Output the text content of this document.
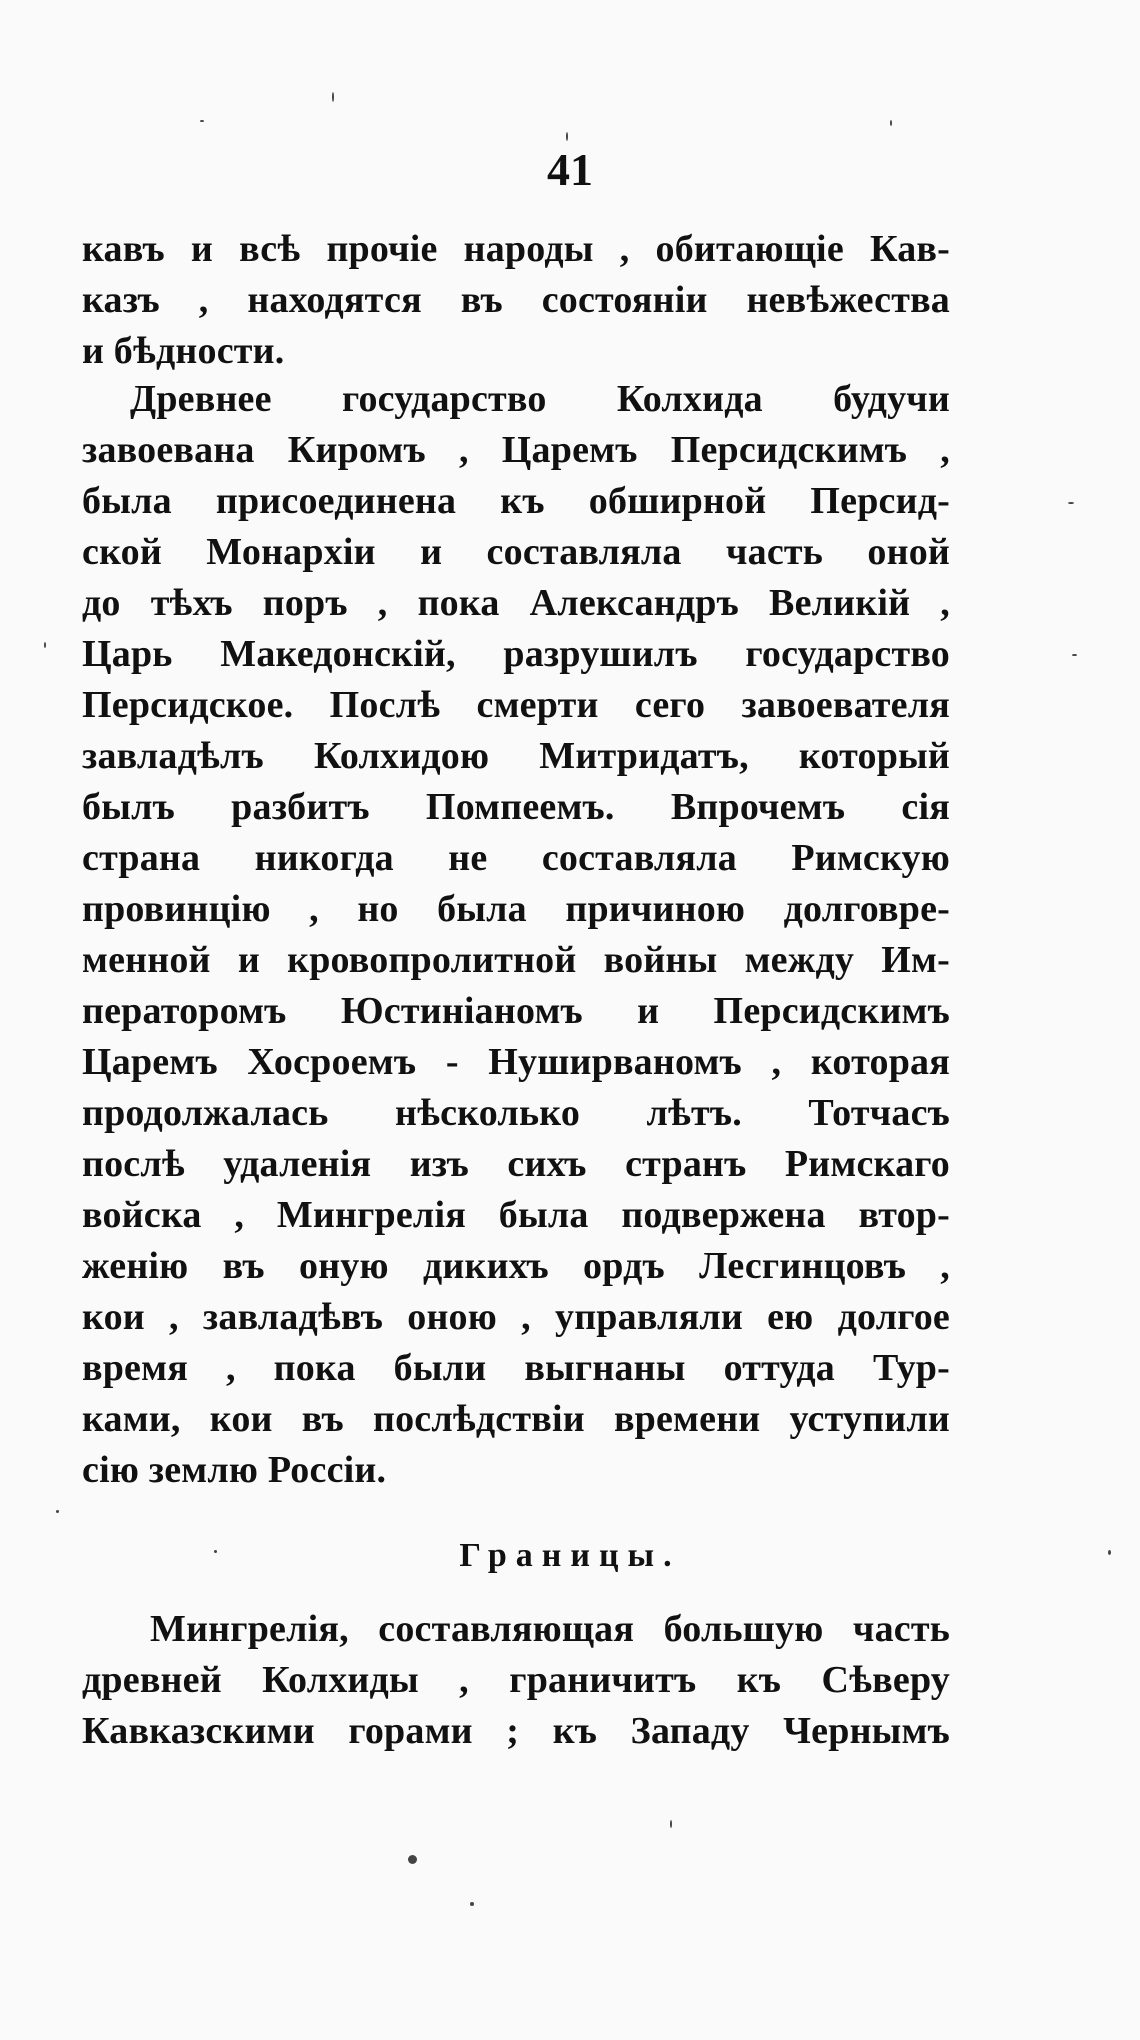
41
кавъ и всѣ прочіе народы , обитающіе Кав-
казъ , находятся въ состояніи невѣжества
и бѣдности.
Древнее государство Колхида будучи
завоевана Киромъ , Царемъ Персидскимъ ,
была присоединена къ обширной Персид-
ской Монархіи и составляла часть оной
до тѣхъ поръ , пока Александръ Великій ,
Царь Македонскій, разрушилъ государство
Персидское. Послѣ смерти сего завоевателя
завладѣлъ Колхидою Митридатъ, который
былъ разбитъ Помпеемъ. Впрочемъ сія
страна никогда не составляла Римскую
провинцію , но была причиною долговре-
менной и кровопролитной войны между Им-
ператоромъ Юстиніаномъ и Персидскимъ
Царемъ Хосроемъ - Нуширваномъ , которая
продолжалась нѣсколько лѣтъ. Тотчасъ
послѣ удаленія изъ сихъ странъ Римскаго
войска , Мингрелія была подвержена втор-
женію въ оную дикихъ ордъ Лесгинцовъ ,
кои , завладѣвъ оною , управляли ею долгое
время , пока были выгнаны оттуда Тур-
ками, кои въ послѣдствіи времени уступили
сію землю Россіи.
Границы.
Мингрелія, составляющая большую часть
древней Колхиды , граничитъ къ Сѣверу
Кавказскими горами ; къ Западу Чернымъ
